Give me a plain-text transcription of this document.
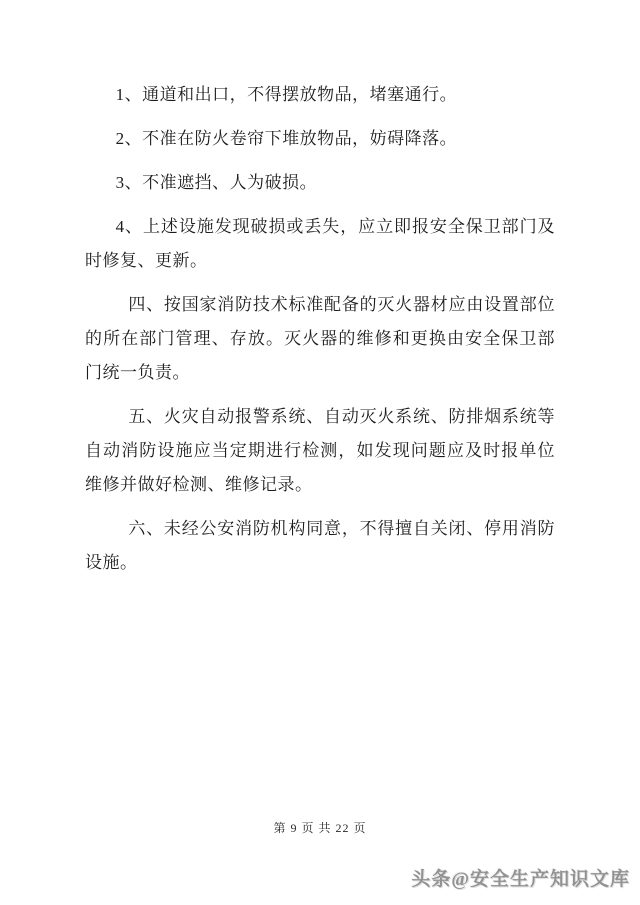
1、通道和出口，不得摆放物品，堵塞通行。

2、不准在防火卷帘下堆放物品，妨碍降落。

3、不准遮挡、人为破损。

4、上述设施发现破损或丢失，应立即报安全保卫部门及时修复、更新。

四、按国家消防技术标准配备的灭火器材应由设置部位的所在部门管理、存放。灭火器的维修和更换由安全保卫部门统一负责。

五、火灾自动报警系统、自动灭火系统、防排烟系统等自动消防设施应当定期进行检测，如发现问题应及时报单位维修并做好检测、维修记录。

六、未经公安消防机构同意，不得擅自关闭、停用消防设施。

第 9 页 共 22 页
头条@安全生产知识文库
